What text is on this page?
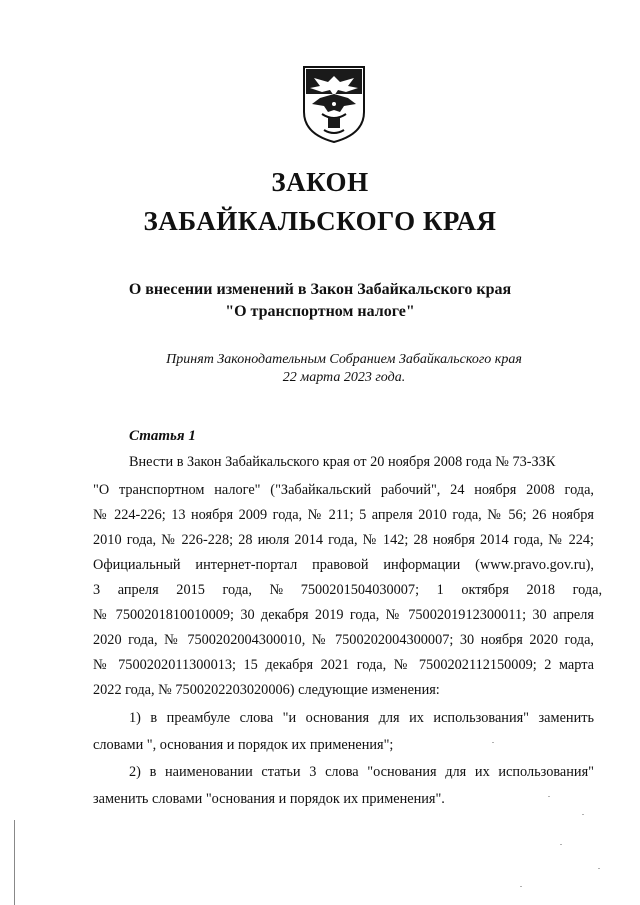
ЗАКОН
ЗАБАЙКАЛЬСКОГО КРАЯ
О внесении изменений в Закон Забайкальского края
"О транспортном налоге"
Принят Законодательным Собранием Забайкальского края
22 марта 2023 года.
Статья 1
Внести в Закон Забайкальского края от 20 ноября 2008 года № 73-ЗЗК
"О транспортном налоге" ("Забайкальский рабочий", 24 ноября 2008 года,
№ 224-226; 13 ноября 2009 года, № 211; 5 апреля 2010 года, № 56; 26 ноября
2010 года, № 226-228; 28 июля 2014 года, № 142; 28 ноября 2014 года, № 224;
Официальный интернет-портал правовой информации (www.pravo.gov.ru),
3 апреля 2015 года, № 7500201504030007; 1 октября 2018 года,
№ 7500201810010009; 30 декабря 2019 года, № 7500201912300011; 30 апреля
2020 года, № 7500202004300010, № 7500202004300007; 30 ноября 2020 года,
№ 7500202011300013; 15 декабря 2021 года, № 7500202112150009; 2 марта
2022 года, № 7500202203020006) следующие изменения:
1) в преамбуле слова "и основания для их использования" заменить
словами ", основания и порядок их применения";
2) в наименовании статьи 3 слова "основания для их использования"
заменить словами "основания и порядок их применения".
